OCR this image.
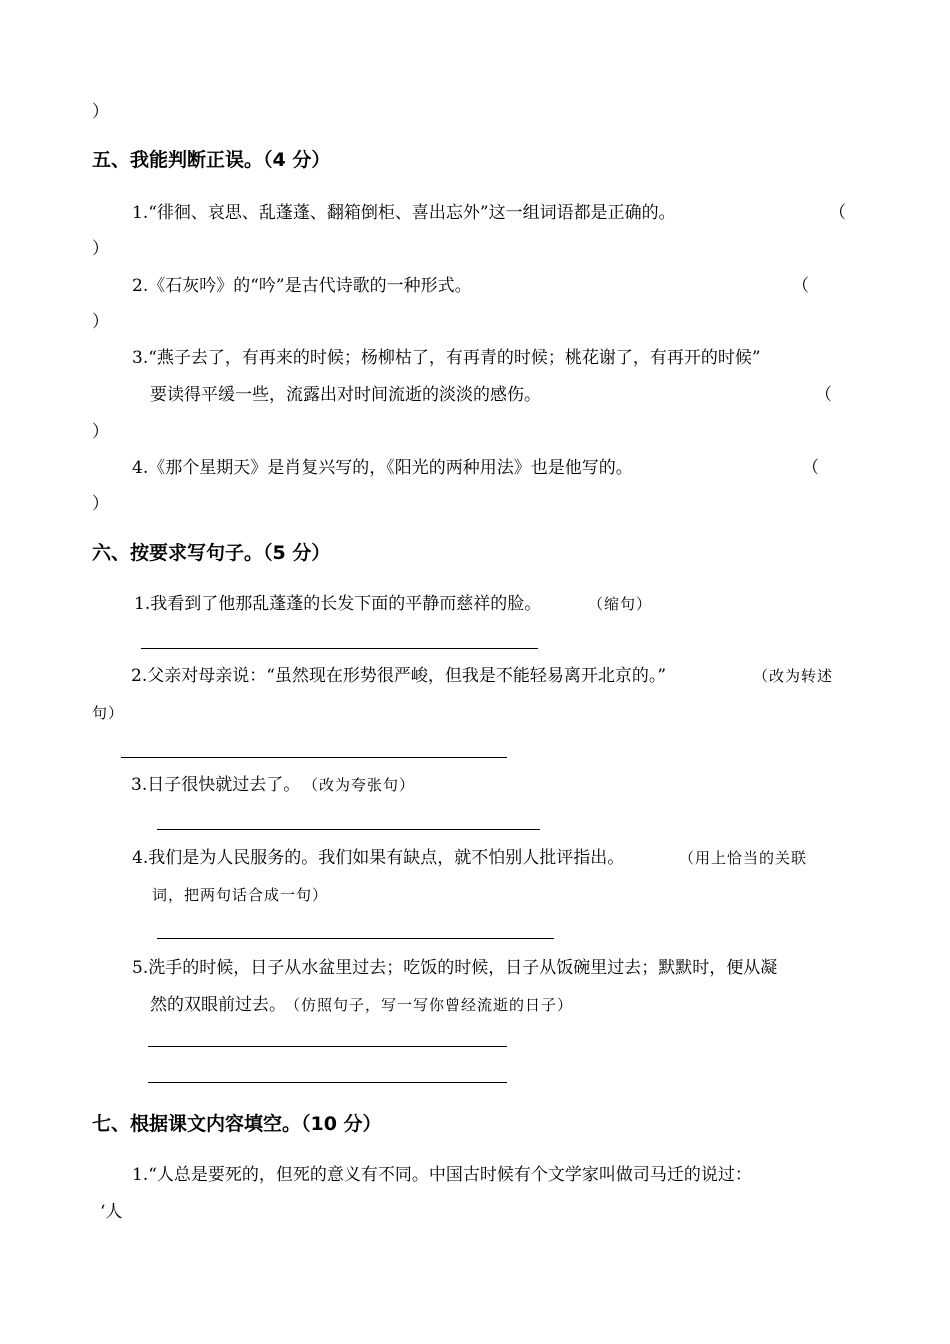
）
五、我能判断正误。（4 分）
1.“徘徊、哀思、乱蓬蓬、翻箱倒柜、喜出忘外”这一组词语都是正确的。	（
）
2.《石灰吟》的“吟”是古代诗歌的一种形式。	（
）
3.“燕子去了，有再来的时候；杨柳枯了，有再青的时候；桃花谢了，有再开的时候”
要读得平缓一些，流露出对时间流逝的淡淡的感伤。	（
）
4.《那个星期天》是肖复兴写的，《阳光的两种用法》也是他写的。	（
）
六、按要求写句子。（5 分）
1.我看到了他那乱蓬蓬的长发下面的平静而慈祥的脸。	（缩句）
2.父亲对母亲说：“虽然现在形势很严峻，但我是不能轻易离开北京的。”	（改为转述
句）
3.日子很快就过去了。 （改为夸张句）
4.我们是为人民服务的。我们如果有缺点，就不怕别人批评指出。	（用上恰当的关联
词，把两句话合成一句）
5.洗手的时候，日子从水盆里过去；吃饭的时候，日子从饭碗里过去；默默时，便从凝
然的双眼前过去。 （仿照句子，写一写你曾经流逝的日子）
七、根据课文内容填空。（10 分）
1.“人总是要死的，但死的意义有不同。中国古时候有个文学家叫做司马迁的说过：
‘人
